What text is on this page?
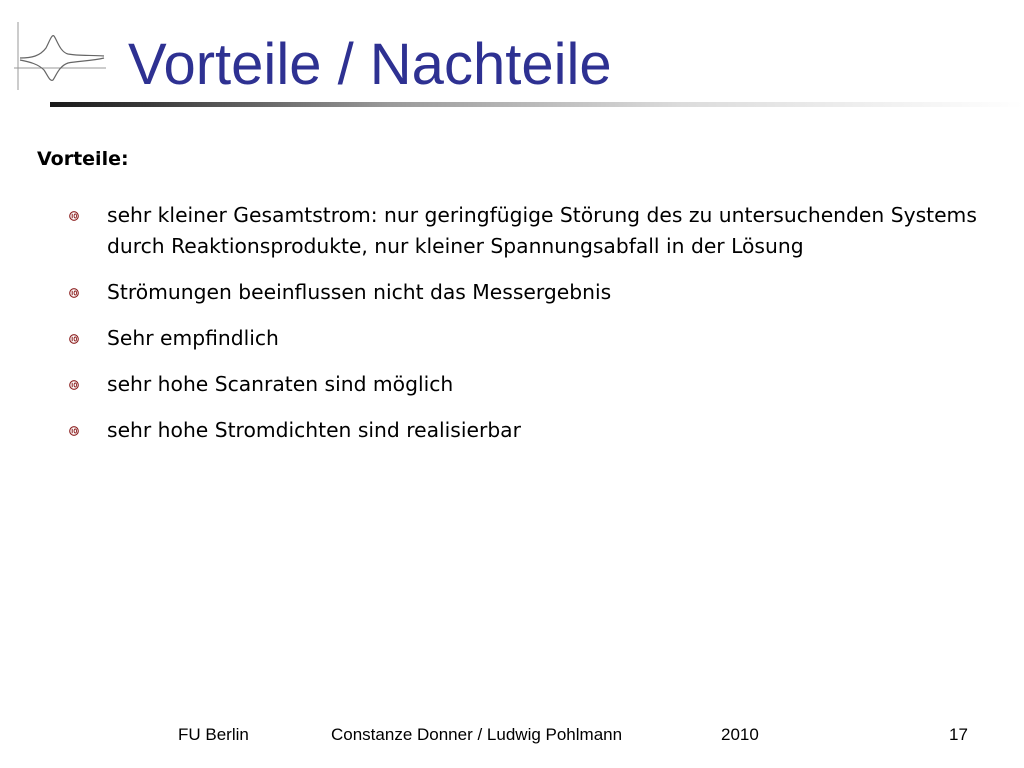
Vorteile / Nachteile
Vorteile:
sehr kleiner Gesamtstrom: nur geringfügige Störung des zu untersuchenden Systems durch Reaktionsprodukte, nur kleiner Spannungsabfall in der Lösung
Strömungen beeinflussen nicht das Messergebnis
Sehr empfindlich
sehr hohe Scanraten sind möglich
sehr hohe Stromdichten sind realisierbar
FU Berlin	Constanze Donner / Ludwig Pohlmann	2010	17
